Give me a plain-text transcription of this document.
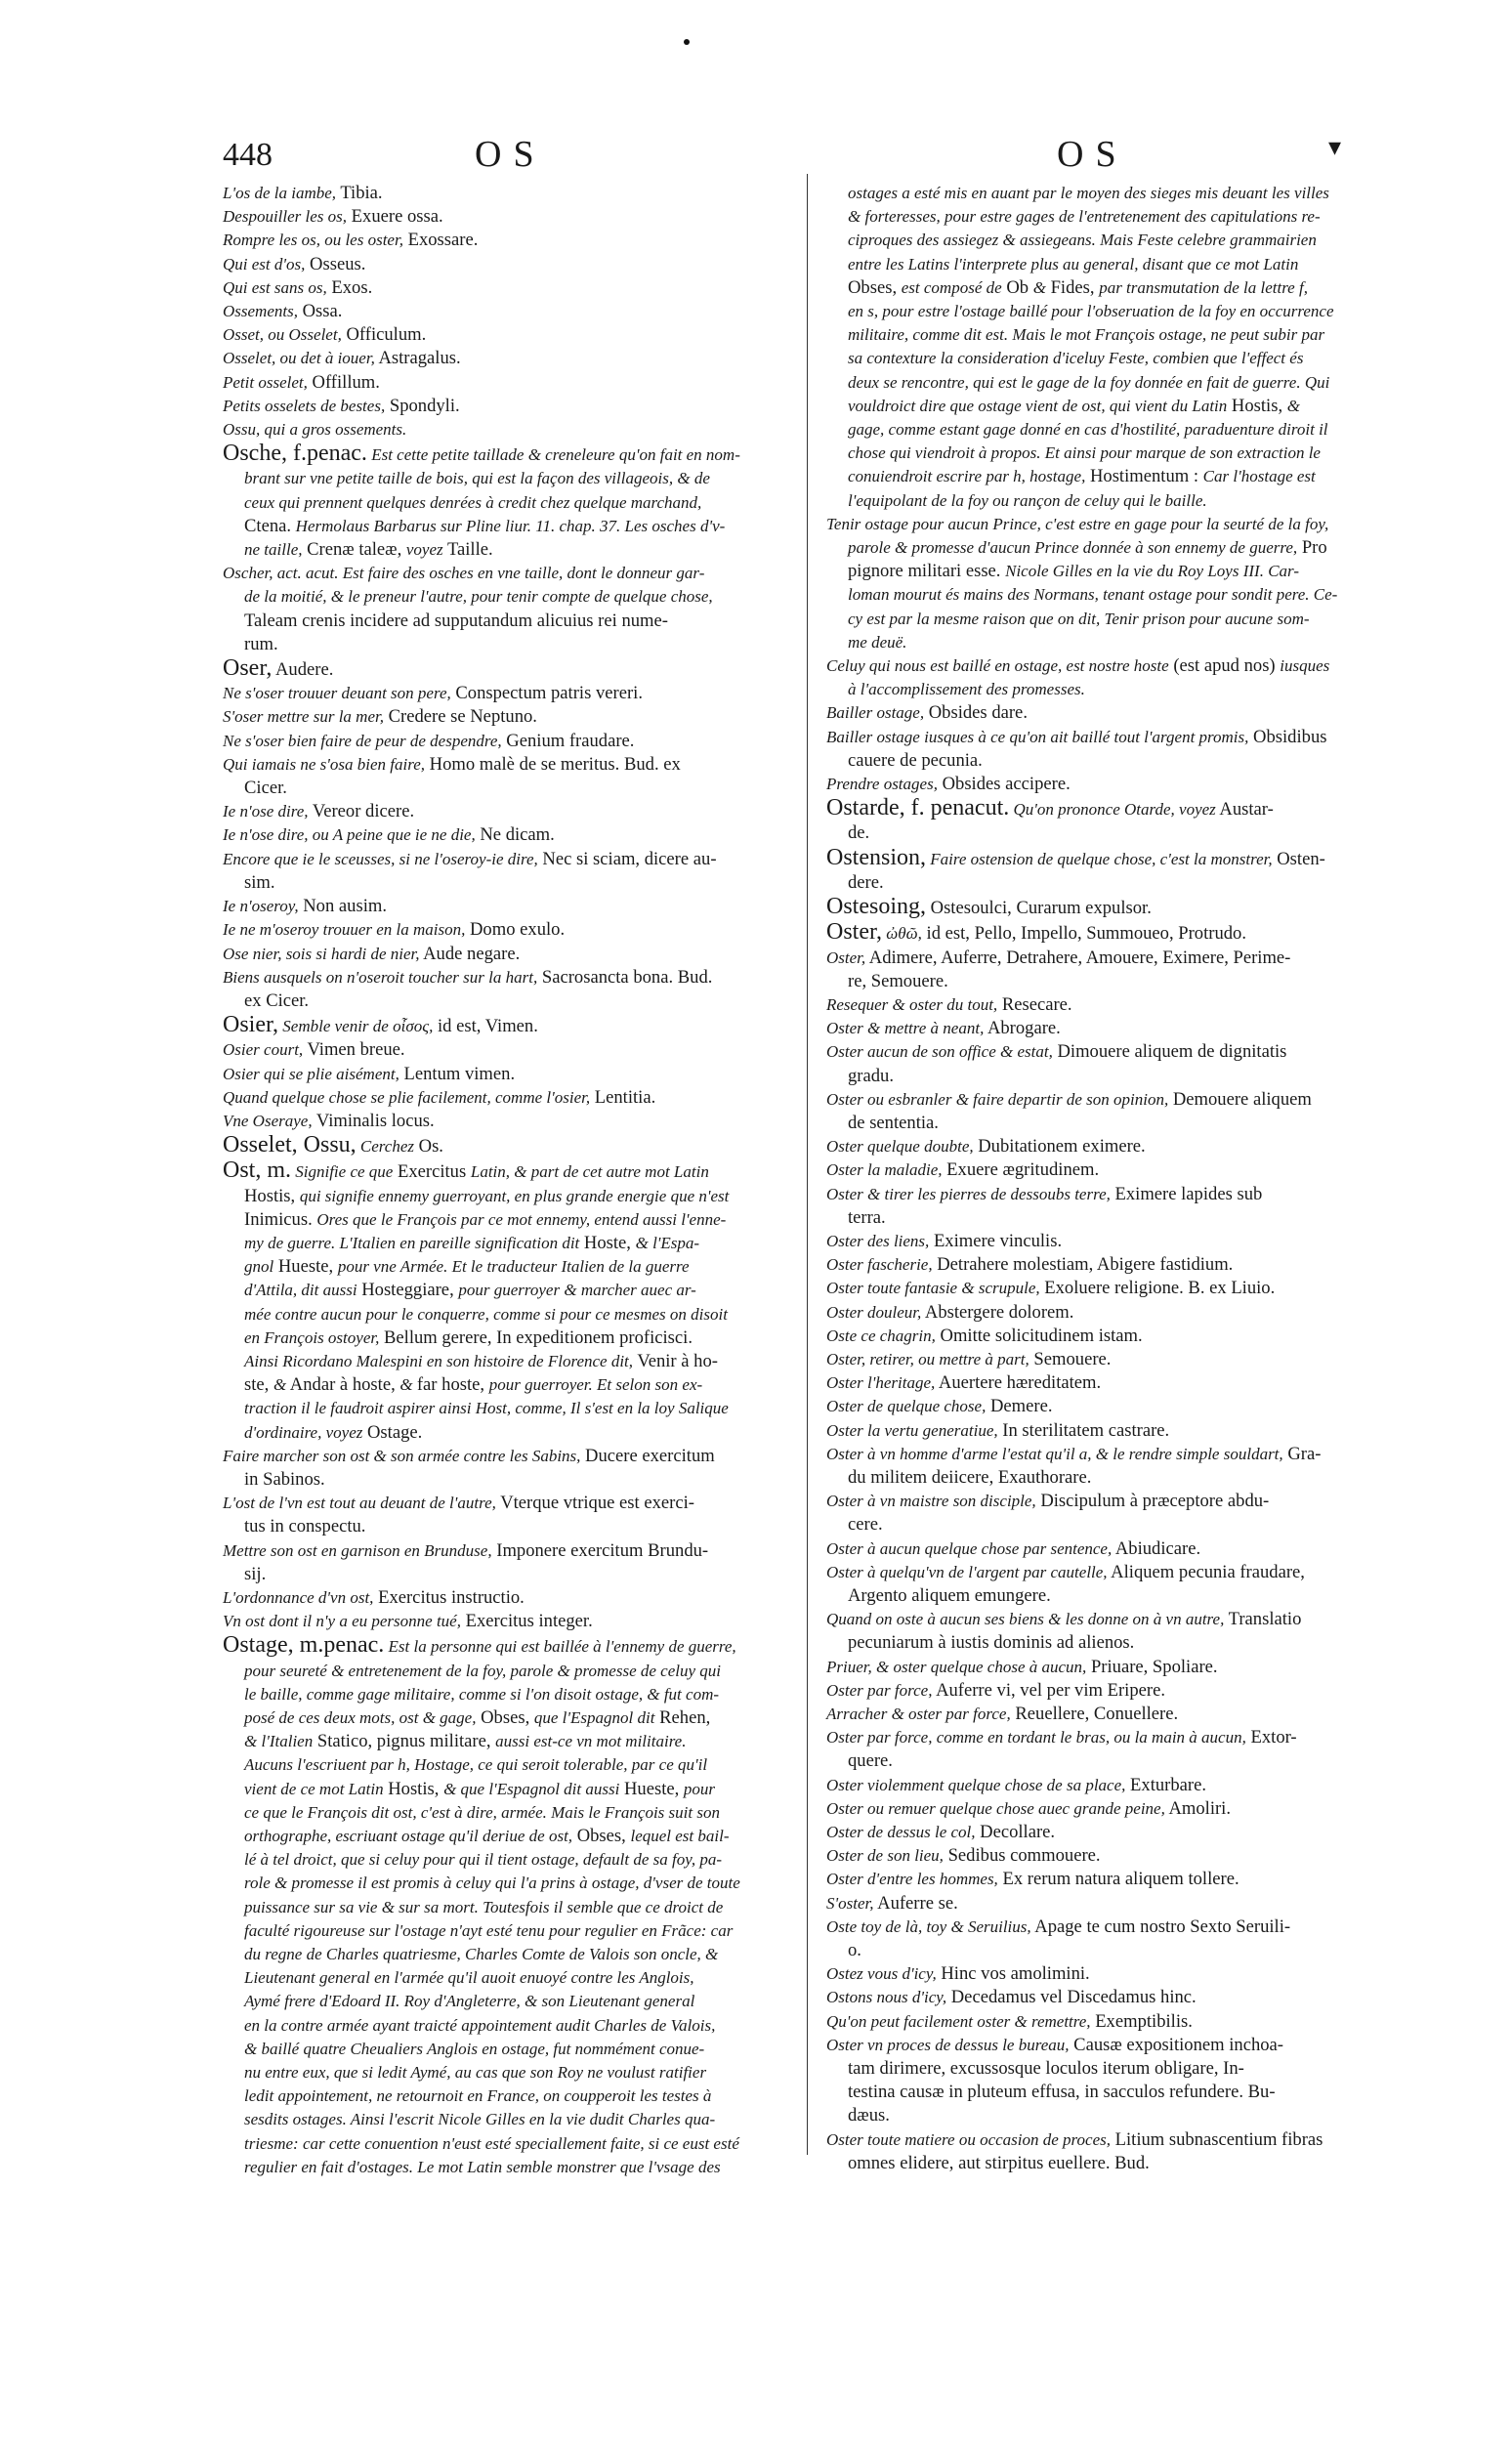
448	OS	OS	▾
L'os de la iambe, Tibia.
Despouiller les os, Exuere ossa.
Rompre les os, ou les oster, Exossare.
Qui est d'os, Osseus.
Qui est sans os, Exos.
Ossements, Ossa.
Osset, ou Osselet, Officulum.
Osselet, ou det à iouer, Astragalus.
Petit osselet, Offillum.
Petits osselets de bestes, Spondyli.
Ossu, qui a gros ossements.
Osche, f.penac. Est cette petite taillade & creneleure qu'on fait en nom-
brant sur vne petite taille de bois, qui est la façon des villageois, & de
ceux qui prennent quelques denrées à credit chez quelque marchand,
Ctena. Hermolaus Barbarus sur Pline liur. 11. chap. 37. Les osches d'v-
ne taille, Crenæ taleæ, voyez Taille.
Oscher, act. acut. Est faire des osches en vne taille, dont le donneur gar-
de la moitié, & le preneur l'autre, pour tenir compte de quelque chose,
Taleam crenis incidere ad supputandum alicuius rei nume-
rum.
Oser, Audere.
Ne s'oser trouuer deuant son pere, Conspectum patris vereri.
S'oser mettre sur la mer, Credere se Neptuno.
Ne s'oser bien faire de peur de despendre, Genium fraudare.
Qui iamais ne s'osa bien faire, Homo malè de se meritus. Bud. ex
Cicer.
Ie n'ose dire, Vereor dicere.
Ie n'ose dire, ou A peine que ie ne die, Ne dicam.
Encore que ie le sceusses, si ne l'oseroy-ie dire, Nec si sciam, dicere au-
sim.
Ie n'oseroy, Non ausim.
Ie ne m'oseroy trouuer en la maison, Domo exulo.
Ose nier, sois si hardi de nier, Aude negare.
Biens ausquels on n'oseroit toucher sur la hart, Sacrosancta bona. Bud.
ex Cicer.
Osier, Semble venir de οἶσος, id est, Vimen.
Osier court, Vimen breue.
Osier qui se plie aisément, Lentum vimen.
Quand quelque chose se plie facilement, comme l'osier, Lentitia.
Vne Oseraye, Viminalis locus.
Osselet, Ossu, Cerchez Os.
Ost, m. Signifie ce que Exercitus Latin, & part de cet autre mot Latin
Hostis, qui signifie ennemy guerroyant, en plus grande energie que n'est
Inimicus. Ores que le François par ce mot ennemy, entend aussi l'enne-
my de guerre. L'Italien en pareille signification dit Hoste, & l'Espa-
gnol Hueste, pour vne Armée. Et le traducteur Italien de la guerre
d'Attila, dit aussi Hosteggiare, pour guerroyer & marcher auec ar-
mée contre aucun pour le conquerre, comme si pour ce mesmes on disoit
en François ostoyer, Bellum gerere, In expeditionem proficisci.
Ainsi Ricordano Malespini en son histoire de Florence dit, Venir à ho-
ste, & Andar à hoste, & far hoste, pour guerroyer. Et selon son ex-
traction il le faudroit aspirer ainsi Host, comme, Il s'est en la loy Salique
d'ordinaire, voyez Ostage.
Faire marcher son ost & son armée contre les Sabins, Ducere exercitum
in Sabinos.
L'ost de l'vn est tout au deuant de l'autre, Vterque vtrique est exerci-
tus in conspectu.
Mettre son ost en garnison en Brunduse, Imponere exercitum Brundu-
sij.
L'ordonnance d'vn ost, Exercitus instructio.
Vn ost dont il n'y a eu personne tué, Exercitus integer.
Ostage, m.penac. Est la personne qui est baillée à l'ennemy de guerre,
pour seureté & entretenement de la foy, parole & promesse de celuy qui
le baille, comme gage militaire, comme si l'on disoit ostage, & fut com-
posé de ces deux mots, ost & gage, Obses, que l'Espagnol dit Rehen,
& l'Italien Statico, pignus militare, aussi est-ce vn mot militaire.
Aucuns l'escriuent par h, Hostage, ce qui seroit tolerable, par ce qu'il
vient de ce mot Latin Hostis, & que l'Espagnol dit aussi Hueste, pour
ce que le François dit ost, c'est à dire, armée. Mais le François suit son
orthographe, escriuant ostage qu'il deriue de ost, Obses, lequel est bail-
lé à tel droict, que si celuy pour qui il tient ostage, default de sa foy, pa-
role & promesse il est promis à celuy qui l'a prins à ostage, d'vser de toute
puissance sur sa vie & sur sa mort. Toutesfois il semble que ce droict de
faculté rigoureuse sur l'ostage n'ayt esté tenu pour regulier en Frãce: car
du regne de Charles quatriesme, Charles Comte de Valois son oncle, &
Lieutenant general en l'armée qu'il auoit enuoyé contre les Anglois,
Aymé frere d'Edoard II. Roy d'Angleterre, & son Lieutenant general
en la contre armée ayant traicté appointement audit Charles de Valois,
& baillé quatre Cheualiers Anglois en ostage, fut nommément conue-
nu entre eux, que si ledit Aymé, au cas que son Roy ne voulust ratifier
ledit appointement, ne retournoit en France, on coupperoit les testes à
sesdits ostages. Ainsi l'escrit Nicole Gilles en la vie dudit Charles qua-
triesme: car cette conuention n'eust esté speciallement faite, si ce eust esté
regulier en fait d'ostages. Le mot Latin semble monstrer que l'vsage des
ostages a esté mis en auant par le moyen des sieges mis deuant les villes
& forteresses, pour estre gages de l'entretenement des capitulations re-
ciproques des assiegez & assiegeans. Mais Feste celebre grammairien
entre les Latins l'interprete plus au general, disant que ce mot Latin
Obses, est composé de Ob & Fides, par transmutation de la lettre f,
en s, pour estre l'ostage baillé pour l'obseruation de la foy en occurrence
militaire, comme dit est. Mais le mot François ostage, ne peut subir par
sa contexture la consideration d'iceluy Feste, combien que l'effect és
deux se rencontre, qui est le gage de la foy donnée en fait de guerre. Qui
vouldroict dire que ostage vient de ost, qui vient du Latin Hostis, &
gage, comme estant gage donné en cas d'hostilité, paraduenture diroit il
chose qui viendroit à propos. Et ainsi pour marque de son extraction le
conuiendroit escrire par h, hostage, Hostimentum : Car l'hostage est
l'equipolant de la foy ou rançon de celuy qui le baille.
Tenir ostage pour aucun Prince, c'est estre en gage pour la seurté de la foy,
parole & promesse d'aucun Prince donnée à son ennemy de guerre, Pro
pignore militari esse. Nicole Gilles en la vie du Roy Loys III. Car-
loman mourut és mains des Normans, tenant ostage pour sondit pere. Ce-
cy est par la mesme raison que on dit, Tenir prison pour aucune som-
me deuë.
Celuy qui nous est baillé en ostage, est nostre hoste (est apud nos) iusques
à l'accomplissement des promesses.
Bailler ostage, Obsides dare.
Bailler ostage iusques à ce qu'on ait baillé tout l'argent promis, Obsidibus
cauere de pecunia.
Prendre ostages, Obsides accipere.
Ostarde, f. penacut. Qu'on prononce Otarde, voyez Austar-
de.
Ostension, Faire ostension de quelque chose, c'est la monstrer, Osten-
dere.
Ostesoing, Ostesoulci, Curarum expulsor.
Oster, ὠθῶ, id est, Pello, Impello, Summoueo, Protrudo.
Oster, Adimere, Auferre, Detrahere, Amouere, Eximere, Perime-
re, Semouere.
Resequer & oster du tout, Resecare.
Oster & mettre à neant, Abrogare.
Oster aucun de son office & estat, Dimouere aliquem de dignitatis
gradu.
Oster ou esbranler & faire departir de son opinion, Demouere aliquem
de sententia.
Oster quelque doubte, Dubitationem eximere.
Oster la maladie, Exuere ægritudinem.
Oster & tirer les pierres de dessoubs terre, Eximere lapides sub
terra.
Oster des liens, Eximere vinculis.
Oster fascherie, Detrahere molestiam, Abigere fastidium.
Oster toute fantasie & scrupule, Exoluere religione. B. ex Liuio.
Oster douleur, Abstergere dolorem.
Oste ce chagrin, Omitte solicitudinem istam.
Oster, retirer, ou mettre à part, Semouere.
Oster l'heritage, Auertere hæreditatem.
Oster de quelque chose, Demere.
Oster la vertu generatiue, In sterilitatem castrare.
Oster à vn homme d'arme l'estat qu'il a, & le rendre simple souldart, Gra-
du militem deiicere, Exauthorare.
Oster à vn maistre son disciple, Discipulum à præceptore abdu-
cere.
Oster à aucun quelque chose par sentence, Abiudicare.
Oster à quelqu'vn de l'argent par cautelle, Aliquem pecunia fraudare,
Argento aliquem emungere.
Quand on oste à aucun ses biens & les donne on à vn autre, Translatio
pecuniarum à iustis dominis ad alienos.
Priuer, & oster quelque chose à aucun, Priuare, Spoliare.
Oster par force, Auferre vi, vel per vim Eripere.
Arracher & oster par force, Reuellere, Conuellere.
Oster par force, comme en tordant le bras, ou la main à aucun, Extor-
quere.
Oster violemment quelque chose de sa place, Exturbare.
Oster ou remuer quelque chose auec grande peine, Amoliri.
Oster de dessus le col, Decollare.
Oster de son lieu, Sedibus commouere.
Oster d'entre les hommes, Ex rerum natura aliquem tollere.
S'oster, Auferre se.
Oste toy de là, toy & Seruilius, Apage te cum nostro Sexto Seruili-
o.
Ostez vous d'icy, Hinc vos amolimini.
Ostons nous d'icy, Decedamus vel Discedamus hinc.
Qu'on peut facilement oster & remettre, Exemptibilis.
Oster vn proces de dessus le bureau, Causæ expositionem inchoa-
tam dirimere, excussosque loculos iterum obligare, In-
testina causæ in pluteum effusa, in sacculos refundere. Bu-
dæus.
Oster toute matiere ou occasion de proces, Litium subnascentium fibras
omnes elidere, aut stirpitus euellere. Bud.
